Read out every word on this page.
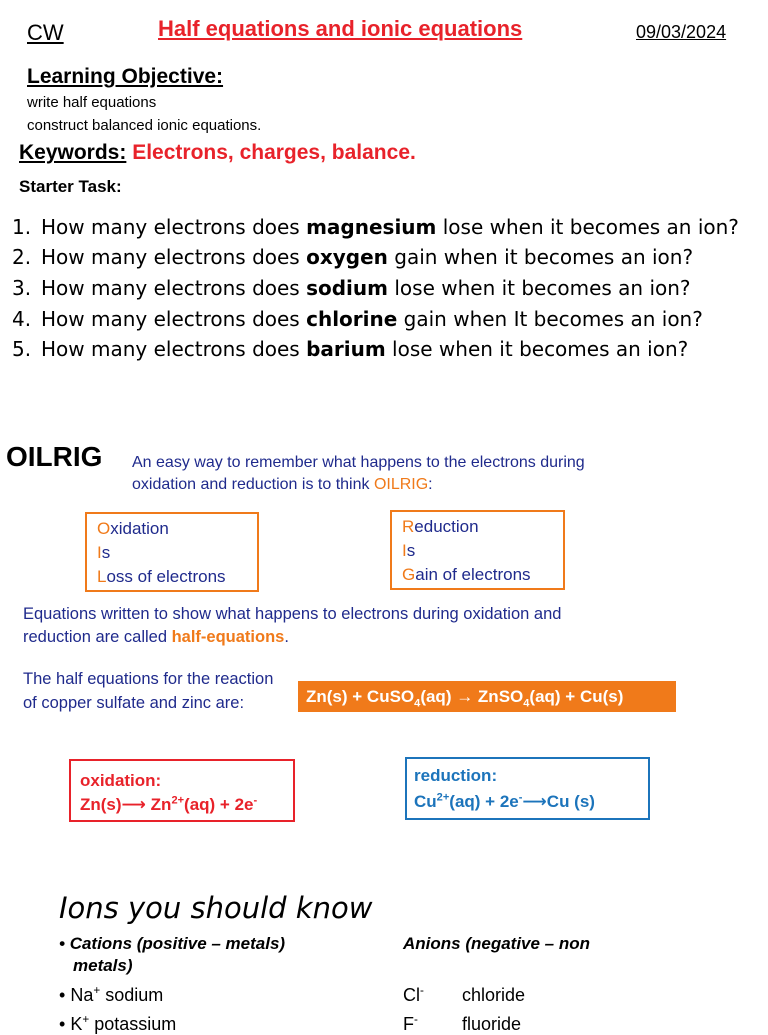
CW	Half equations and ionic equations	09/03/2024
Learning Objective:
write half equations
construct balanced ionic equations.
Keywords: Electrons, charges, balance.
Starter Task:
1. How many electrons does magnesium lose when it becomes an ion?
2. How many electrons does oxygen gain when it becomes an ion?
3. How many electrons does sodium lose when it becomes an ion?
4. How many electrons does chlorine gain when It becomes an ion?
5. How many electrons does barium lose when it becomes an ion?
OILRIG An easy way to remember what happens to the electrons during oxidation and reduction is to think OILRIG:
Oxidation
Is
Loss of electrons
Reduction
Is
Gain of electrons
Equations written to show what happens to electrons during oxidation and reduction are called half-equations.
The half equations for the reaction of copper sulfate and zinc are:	Zn(s) + CuSO$_4$(aq) → ZnSO$_4$(aq) + Cu(s)
oxidation:
Zn(s)⟶ $Zn^{2+}(aq) + 2e^-$
reduction:
$Cu^{2+}(aq)$ + 2e-⟶Cu (s)
Ions you should know
• Cations (positive – metals)
metals)
Anions (negative – non
• Na+ sodium	Cl- chloride
• K+ potassium	F- fluoride
